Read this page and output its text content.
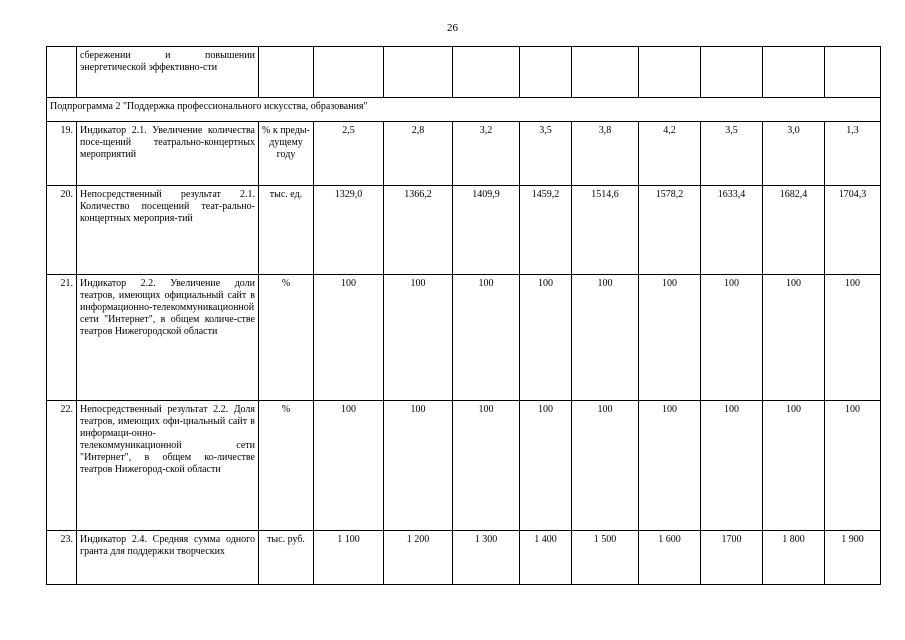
26
	сбережении и повышении энергетической эффективно-сти										
Подпрограмма 2 "Поддержка профессионального искусства, образования"											
19.	Индикатор 2.1. Увеличение количества посе-щений театрально-концертных мероприятий	% к преды-дущему году	2,5	2,8	3,2	3,5	3,8	4,2	3,5	3,0	1,3
20.	Непосредственный результат 2.1. Количество посещений теат-рально-концертных мероприя-тий	тыс. ед.	1329,0	1366,2	1409,9	1459,2	1514,6	1578,2	1633,4	1682,4	1704,3
21.	Индикатор 2.2. Увеличение доли театров, имеющих официальный сайт в информационно-телекоммуникационной сети "Интернет", в общем количе-стве театров Нижегородской области	%	100	100	100	100	100	100	100	100	100
22.	Непосредственный результат 2.2. Доля театров, имеющих офи-циальный сайт в информаци-онно-телекоммуникационной сети "Интернет", в общем ко-личестве театров Нижегород-ской области	%	100	100	100	100	100	100	100	100	100
23.	Индикатор 2.4. Средняя сумма одного гранта для поддержки творческих	тыс. руб.	1 100	1 200	1 300	1 400	1 500	1 600	1700	1 800	1 900
